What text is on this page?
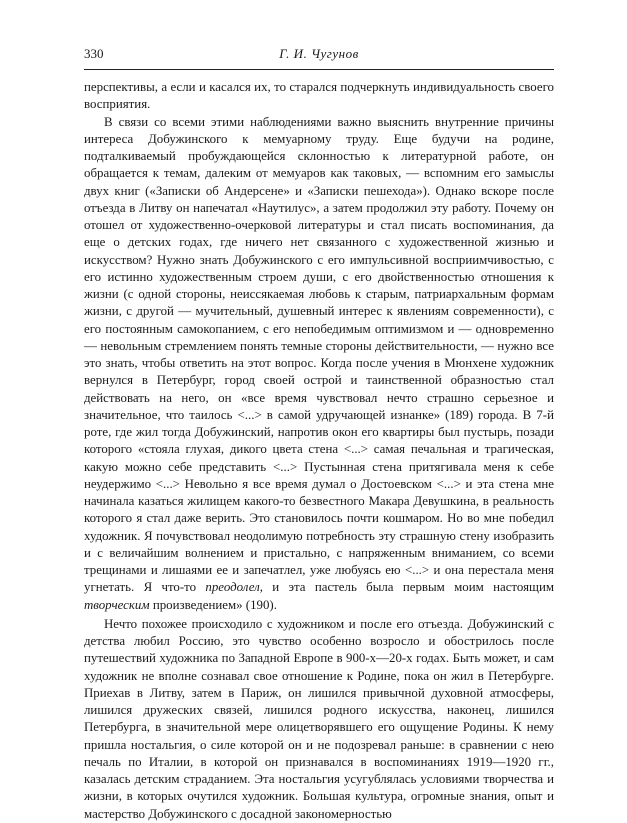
330	Г. И. Чугунов

перспективы, а если и касался их, то старался подчеркнуть индивидуальность своего восприятия.

В связи со всеми этими наблюдениями важно выяснить внутренние причины интереса Добужинского к мемуарному труду. Еще будучи на родине, подталкиваемый пробуждающейся склонностью к литературной работе, он обращается к темам, далеким от мемуаров как таковых, — вспомним его замыслы двух книг («Записки об Андерсене» и «Записки пешехода»). Однако вскоре после отъезда в Литву он напечатал «Наутилус», а затем продолжил эту работу. Почему он отошел от художественно-очерковой литературы и стал писать воспоминания, да еще о детских годах, где ничего нет связанного с художественной жизнью и искусством? Нужно знать Добужинского с его импульсивной восприимчивостью, с его истинно художественным строем души, с его двойственностью отношения к жизни (с одной стороны, неиссякаемая любовь к старым, патриархальным формам жизни, с другой — мучительный, душевный интерес к явлениям современности), с его постоянным самокопанием, с его непобедимым оптимизмом и — одновременно — невольным стремлением понять темные стороны действительности, — нужно все это знать, чтобы ответить на этот вопрос. Когда после учения в Мюнхене художник вернулся в Петербург, город своей острой и таинственной образностью стал действовать на него, он «все время чувствовал нечто страшно серьезное и значительное, что таилось <...> в самой удручающей изнанке» (189) города. В 7-й роте, где жил тогда Добужинский, напротив окон его квартиры был пустырь, позади которого «стояла глухая, дикого цвета стена <...> самая печальная и трагическая, какую можно себе представить <...> Пустынная стена притягивала меня к себе неудержимо <...> Невольно я все время думал о Достоевском <...> и эта стена мне начинала казаться жилищем какого-то безвестного Макара Девушкина, в реальность которого я стал даже верить. Это становилось почти кошмаром. Но во мне победил художник. Я почувствовал неодолимую потребность эту страшную стену изобразить и с величайшим волнением и пристально, с напряженным вниманием, со всеми трещинами и лишаями ее и запечатлел, уже любуясь ею <...> и она перестала меня угнетать. Я что-то преодолел, и эта пастель была первым моим настоящим творческим произведением» (190).

Нечто похожее происходило с художником и после его отъезда. Добужинский с детства любил Россию, это чувство особенно возросло и обострилось после путешествий художника по Западной Европе в 900-х—20-х годах. Быть может, и сам художник не вполне сознавал свое отношение к Родине, пока он жил в Петербурге. Приехав в Литву, затем в Париж, он лишился привычной духовной атмосферы, лишился дружеских связей, лишился родного искусства, наконец, лишился Петербурга, в значительной мере олицетворявшего его ощущение Родины. К нему пришла ностальгия, о силе которой он и не подозревал раньше: в сравнении с нею печаль по Италии, в которой он признавался в воспоминаниях 1919—1920 гг., казалась детским страданием. Эта ностальгия усугублялась условиями творчества и жизни, в которых очутился художник. Большая культура, огромные знания, опыт и мастерство Добужинского с досадной закономерностью
